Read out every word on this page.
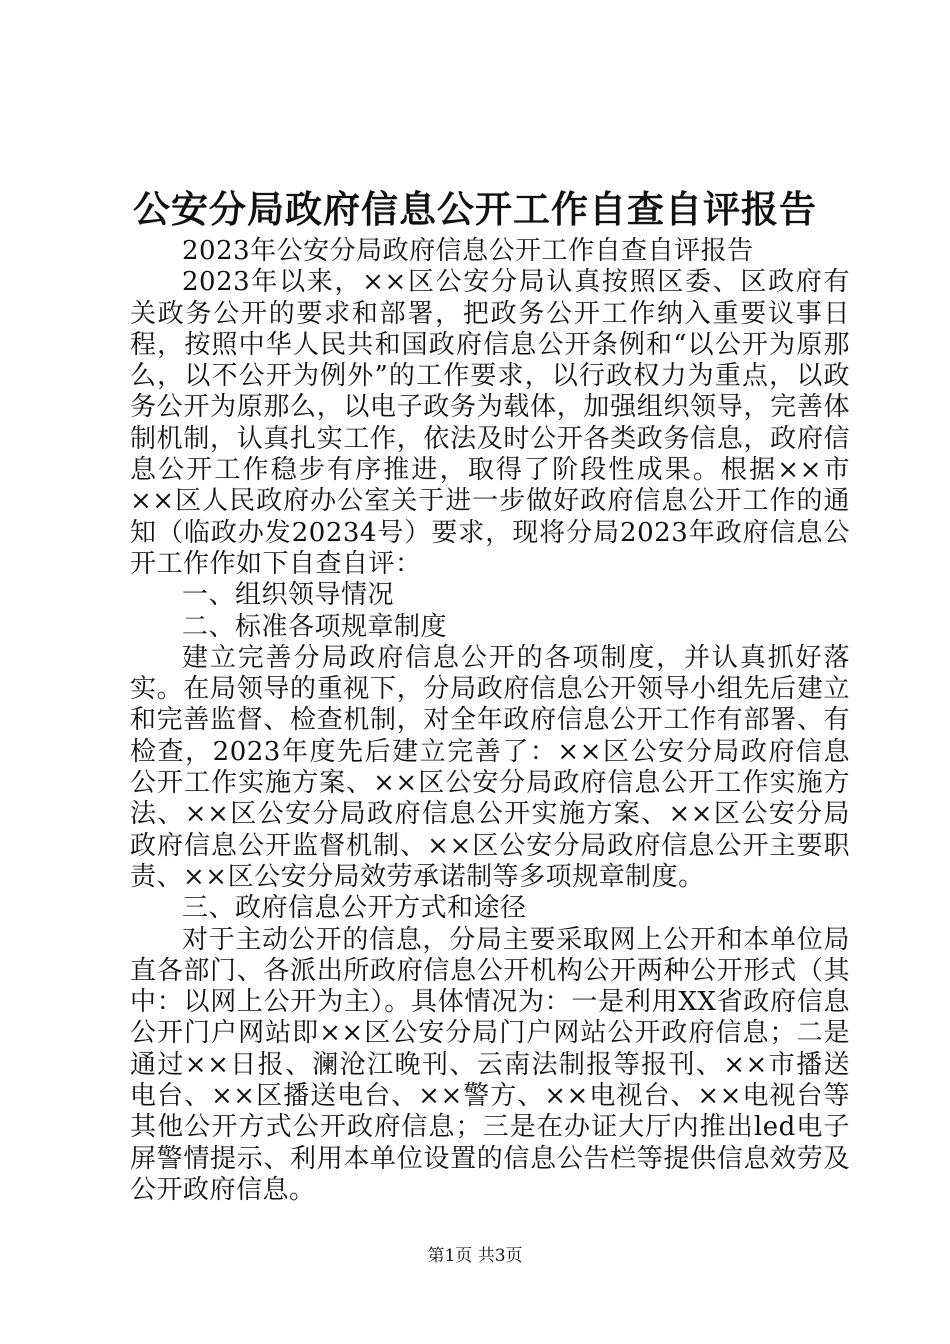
公安分局政府信息公开工作自查自评报告

2023年公安分局政府信息公开工作自查自评报告

2023年以来，××区公安分局认真按照区委、区政府有关政务公开的要求和部署，把政务公开工作纳入重要议事日程，按照中华人民共和国政府信息公开条例和“以公开为原那么，以不公开为例外”的工作要求，以行政权力为重点，以政务公开为原那么，以电子政务为载体，加强组织领导，完善体制机制，认真扎实工作，依法及时公开各类政务信息，政府信息公开工作稳步有序推进，取得了阶段性成果。根据××市××区人民政府办公室关于进一步做好政府信息公开工作的通知（临政办发20234号）要求，现将分局2023年政府信息公开工作作如下自查自评：

一、组织领导情况

二、标准各项规章制度

建立完善分局政府信息公开的各项制度，并认真抓好落实。在局领导的重视下，分局政府信息公开领导小组先后建立和完善监督、检查机制，对全年政府信息公开工作有部署、有检查，2023年度先后建立完善了：××区公安分局政府信息公开工作实施方案、××区公安分局政府信息公开工作实施方法、××区公安分局政府信息公开实施方案、××区公安分局政府信息公开监督机制、××区公安分局政府信息公开主要职责、××区公安分局效劳承诺制等多项规章制度。

三、政府信息公开方式和途径

对于主动公开的信息，分局主要采取网上公开和本单位局直各部门、各派出所政府信息公开机构公开两种公开形式（其中：以网上公开为主）。具体情况为：一是利用XX省政府信息公开门户网站即××区公安分局门户网站公开政府信息；二是通过××日报、澜沧江晚刊、云南法制报等报刊、××市播送电台、××区播送电台、××警方、××电视台、××电视台等其他公开方式公开政府信息；三是在办证大厅内推出led电子屏警情提示、利用本单位设置的信息公告栏等提供信息效劳及公开政府信息。

第1页 共3页
